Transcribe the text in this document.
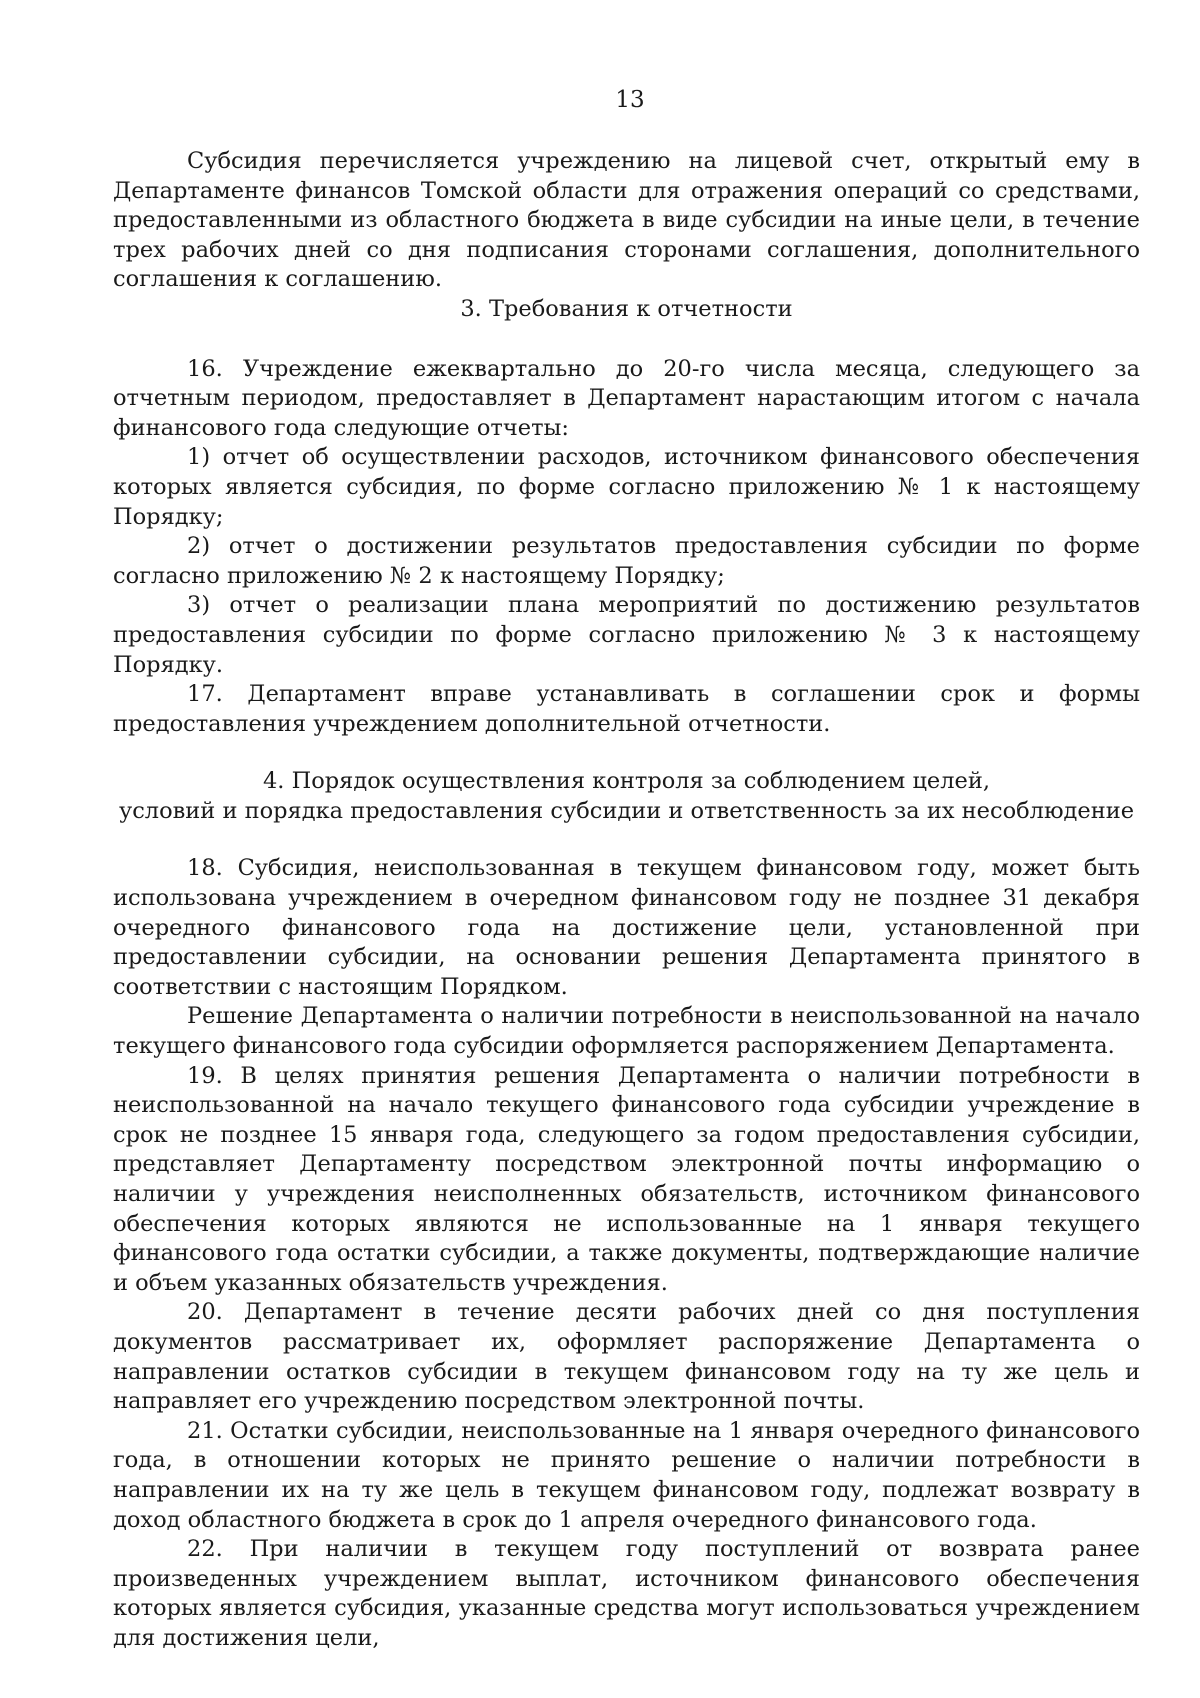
13

Субсидия перечисляется учреждению на лицевой счет, открытый ему в Департаменте финансов Томской области для отражения операций со средствами, предоставленными из областного бюджета в виде субсидии на иные цели, в течение трех рабочих дней со дня подписания сторонами соглашения, дополнительного соглашения к соглашению.

3. Требования к отчетности

16. Учреждение ежеквартально до 20-го числа месяца, следующего за отчетным периодом, предоставляет в Департамент нарастающим итогом с начала финансового года следующие отчеты:

1) отчет об осуществлении расходов, источником финансового обеспечения которых является субсидия, по форме согласно приложению № 1 к настоящему Порядку;

2) отчет о достижении результатов предоставления субсидии по форме согласно приложению № 2 к настоящему Порядку;

3) отчет о реализации плана мероприятий по достижению результатов предоставления субсидии по форме согласно приложению № 3 к настоящему Порядку.

17. Департамент вправе устанавливать в соглашении срок и формы предоставления учреждением дополнительной отчетности.

4. Порядок осуществления контроля за соблюдением целей,
условий и порядка предоставления субсидии и ответственность за их несоблюдение

18. Субсидия, неиспользованная в текущем финансовом году, может быть использована учреждением в очередном финансовом году не позднее 31 декабря очередного финансового года на достижение цели, установленной при предоставлении субсидии, на основании решения Департамента принятого в соответствии с настоящим Порядком.

Решение Департамента о наличии потребности в неиспользованной на начало текущего финансового года субсидии оформляется распоряжением Департамента.

19. В целях принятия решения Департамента о наличии потребности в неиспользованной на начало текущего финансового года субсидии учреждение в срок не позднее 15 января года, следующего за годом предоставления субсидии, представляет Департаменту посредством электронной почты информацию о наличии у учреждения неисполненных обязательств, источником финансового обеспечения которых являются не использованные на 1 января текущего финансового года остатки субсидии, а также документы, подтверждающие наличие и объем указанных обязательств учреждения.

20. Департамент в течение десяти рабочих дней со дня поступления документов рассматривает их, оформляет распоряжение Департамента о направлении остатков субсидии в текущем финансовом году на ту же цель и направляет его учреждению посредством электронной почты.

21. Остатки субсидии, неиспользованные на 1 января очередного финансового года, в отношении которых не принято решение о наличии потребности в направлении их на ту же цель в текущем финансовом году, подлежат возврату в доход областного бюджета в срок до 1 апреля очередного финансового года.

22. При наличии в текущем году поступлений от возврата ранее произведенных учреждением выплат, источником финансового обеспечения которых является субсидия, указанные средства могут использоваться учреждением для достижения цели,
